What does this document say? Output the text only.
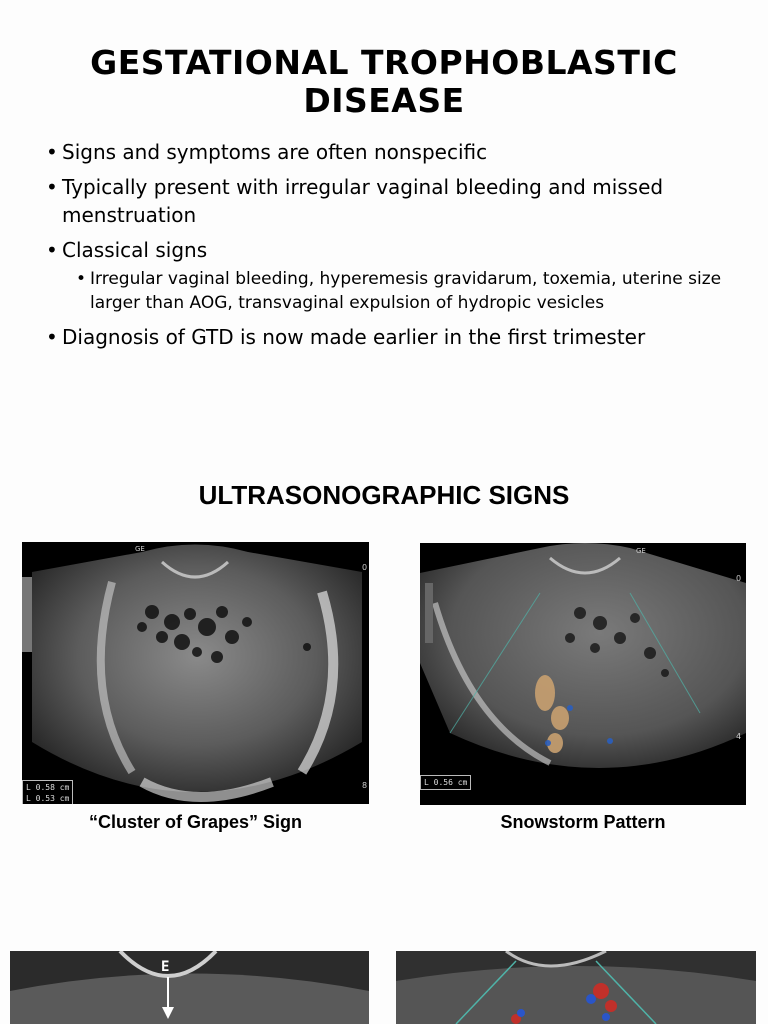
GESTATIONAL TROPHOBLASTIC
DISEASE
• Signs and symptoms are often nonspecific
• Typically present with irregular vaginal bleeding and missed menstruation
• Classical signs
• Irregular vaginal bleeding, hyperemesis gravidarum, toxemia, uterine size larger than AOG, transvaginal expulsion of hydropic vesicles
• Diagnosis of GTD is now made earlier in the first trimester
ULTRASONOGRAPHIC SIGNS
0
8
GE
L 0.58 cm
L 0.53 cm
“Cluster of Grapes” Sign
0
4
GE
L 0.56 cm
Snowstorm Pattern
E
